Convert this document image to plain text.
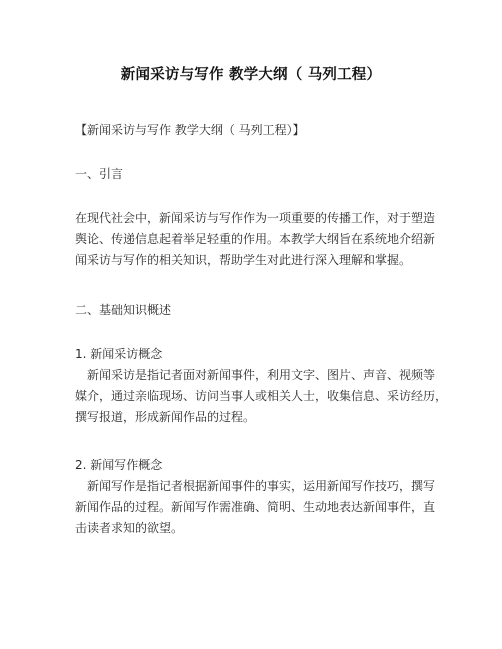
新闻采访与写作 教学大纲（ 马列工程）
【新闻采访与写作 教学大纲（ 马列工程）】
一、引言
在现代社会中，新闻采访与写作作为一项重要的传播工作，对于塑造
舆论、传递信息起着举足轻重的作用。本教学大纲旨在系统地介绍新
闻采访与写作的相关知识，帮助学生对此进行深入理解和掌握。
二、基础知识概述
1. 新闻采访概念
新闻采访是指记者面对新闻事件，利用文字、图片、声音、视频等
媒介，通过亲临现场、访问当事人或相关人士，收集信息、采访经历，
撰写报道，形成新闻作品的过程。
2. 新闻写作概念
新闻写作是指记者根据新闻事件的事实，运用新闻写作技巧，撰写
新闻作品的过程。新闻写作需准确、简明、生动地表达新闻事件，直
击读者求知的欲望。
